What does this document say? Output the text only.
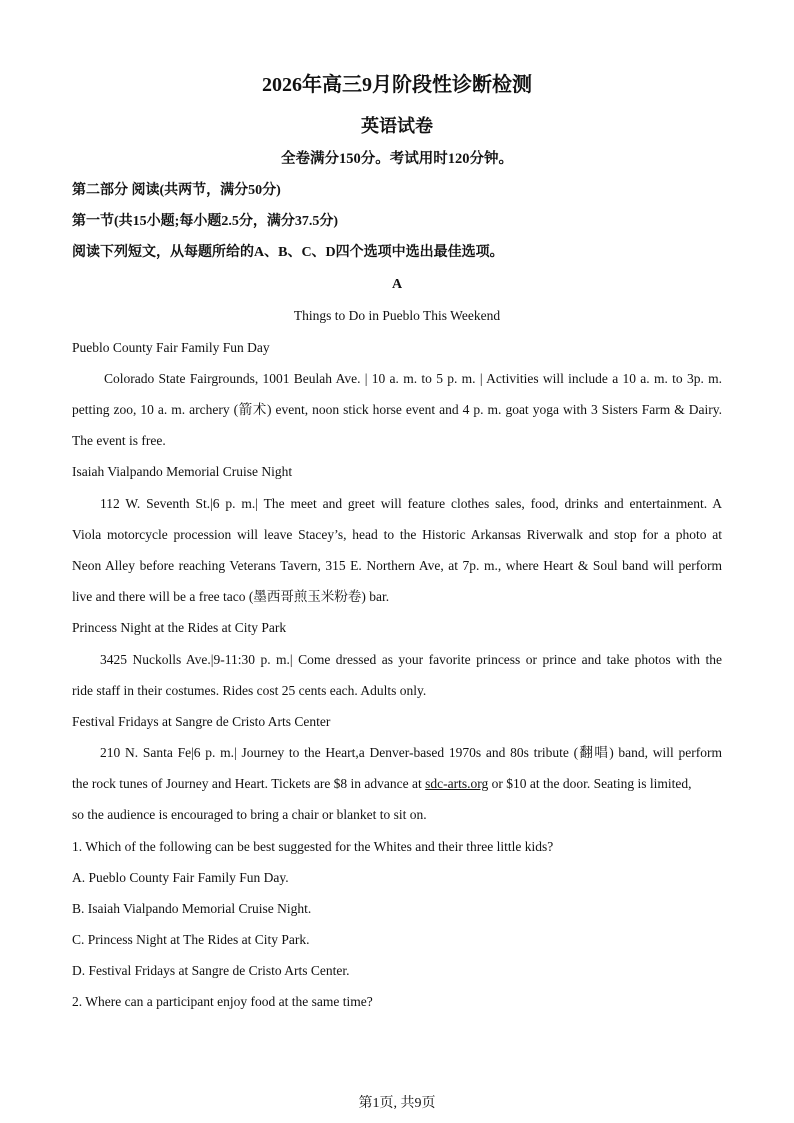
2026年高三9月阶段性诊断检测
英语试卷
全卷满分150分。考试用时120分钟。
第二部分 阅读(共两节，满分50分)
第一节(共15小题;每小题2.5分，满分37.5分)
阅读下列短文，从每题所给的A、B、C、D四个选项中选出最佳选项。
A
Things to Do in Pueblo This Weekend
Pueblo County Fair Family Fun Day
Colorado State Fairgrounds, 1001 Beulah Ave. | 10 a. m. to 5 p. m. | Activities will include a 10 a. m. to 3p. m.
petting zoo, 10 a. m. archery (箭术) event, noon stick horse event and 4 p. m. goat yoga with 3 Sisters Farm & Dairy.
The event is free.
Isaiah Vialpando Memorial Cruise Night
112 W. Seventh St.|6 p. m.| The meet and greet will feature clothes sales, food, drinks and entertainment. A
Viola motorcycle procession will leave Stacey’s, head to the Historic Arkansas Riverwalk and stop for a photo at
Neon Alley before reaching Veterans Tavern, 315 E. Northern Ave, at 7p. m., where Heart & Soul band will perform
live and there will be a free taco (墨西哥煎玉米粉卷) bar.
Princess Night at the Rides at City Park
3425 Nuckolls Ave.|9-11:30 p. m.| Come dressed as your favorite princess or prince and take photos with the
ride staff in their costumes. Rides cost 25 cents each. Adults only.
Festival Fridays at Sangre de Cristo Arts Center
210 N. Santa Fe|6 p. m.| Journey to the Heart,a Denver-based 1970s and 80s tribute (翻唱) band, will perform
the rock tunes of Journey and Heart. Tickets are $8 in advance at sdc-arts.org or $10 at the door. Seating is limited,
so the audience is encouraged to bring a chair or blanket to sit on.
1. Which of the following can be best suggested for the Whites and their three little kids?
A. Pueblo County Fair Family Fun Day.
B. Isaiah Vialpando Memorial Cruise Night.
C. Princess Night at The Rides at City Park.
D. Festival Fridays at Sangre de Cristo Arts Center.
2. Where can a participant enjoy food at the same time?
第1页, 共9页
